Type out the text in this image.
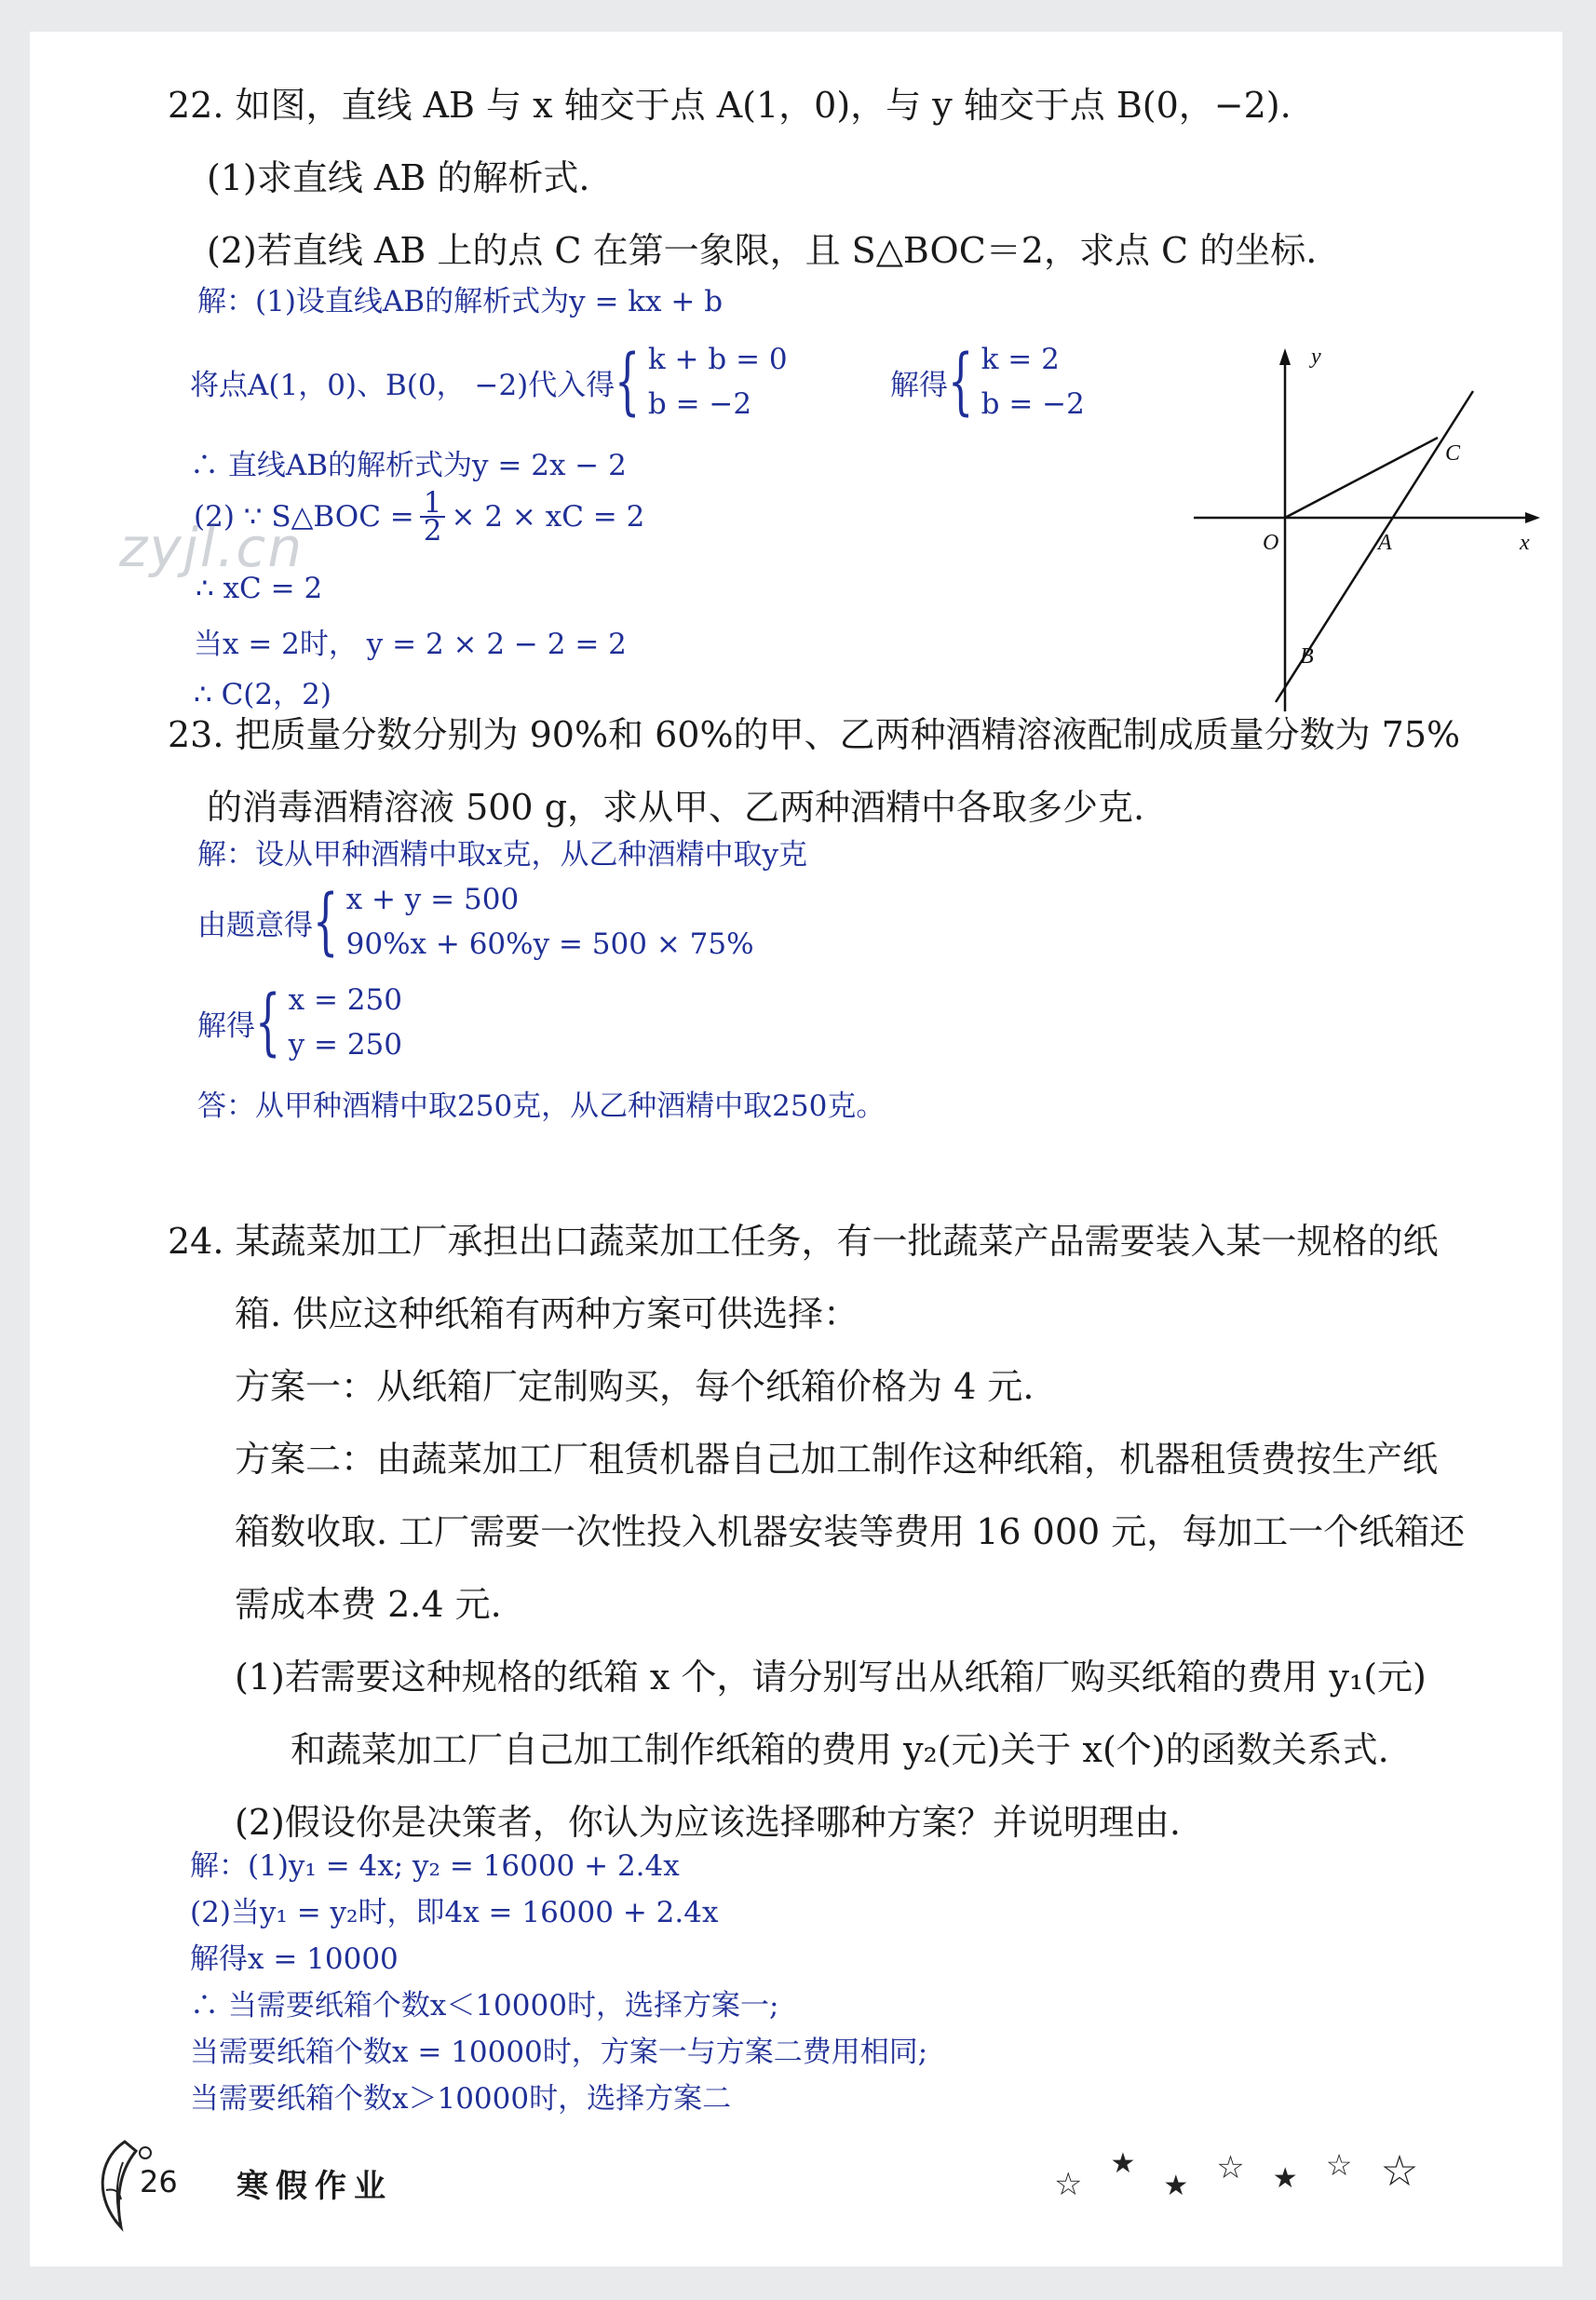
22. 如图，直线 AB 与 x 轴交于点 A(1，0)，与 y 轴交于点 B(0，−2).
(1)求直线 AB 的解析式.
(2)若直线 AB 上的点 C 在第一象限，且 S△BOC＝2，求点 C 的坐标.
解：(1)设直线AB的解析式为y = kx + b
将点A(1，0)、B(0， −2)代入得 { k + b = 0
b = −2
解得 { k = 2
b = −2
∴ 直线AB的解析式为y = 2x − 2
(2) ∵ S△BOC = $\frac{1}{2} \times 2$ × xC = 2
∴ xC = 2
当x = 2时， y = 2 × 2 − 2 = 2
∴ C(2，2)
zyjl.cn
y
x
O	A
B
C
23. 把质量分数分别为 90%和 60%的甲、乙两种酒精溶液配制成质量分数为 75%
的消毒酒精溶液 500 g，求从甲、乙两种酒精中各取多少克.
解：设从甲种酒精中取x克，从乙种酒精中取y克
由题意得 { x + y = 500
90%x + 60%y = 500 × 75%
解得 { x = 250
y = 250
答：从甲种酒精中取250克，从乙种酒精中取250克。
24. 某蔬菜加工厂承担出口蔬菜加工任务，有一批蔬菜产品需要装入某一规格的纸
箱. 供应这种纸箱有两种方案可供选择：
方案一：从纸箱厂定制购买，每个纸箱价格为 4 元.
方案二：由蔬菜加工厂租赁机器自己加工制作这种纸箱，机器租赁费按生产纸
箱数收取. 工厂需要一次性投入机器安装等费用 16 000 元，每加工一个纸箱还
需成本费 2.4 元.
(1)若需要这种规格的纸箱 x 个，请分别写出从纸箱厂购买纸箱的费用 y₁(元)
和蔬菜加工厂自己加工制作纸箱的费用 y₂(元)关于 x(个)的函数关系式.
(2)假设你是决策者，你认为应该选择哪种方案？并说明理由.
解：(1)y₁ = 4x; y₂ = 16000 + 2.4x
(2)当y₁ = y₂时，即4x = 16000 + 2.4x
解得x = 10000
∴ 当需要纸箱个数x＜10000时，选择方案一;
当需要纸箱个数x = 10000时，方案一与方案二费用相同;
当需要纸箱个数x＞10000时，选择方案二
26 寒假作业	☆
★
★ ☆ ★ ☆ ☆
